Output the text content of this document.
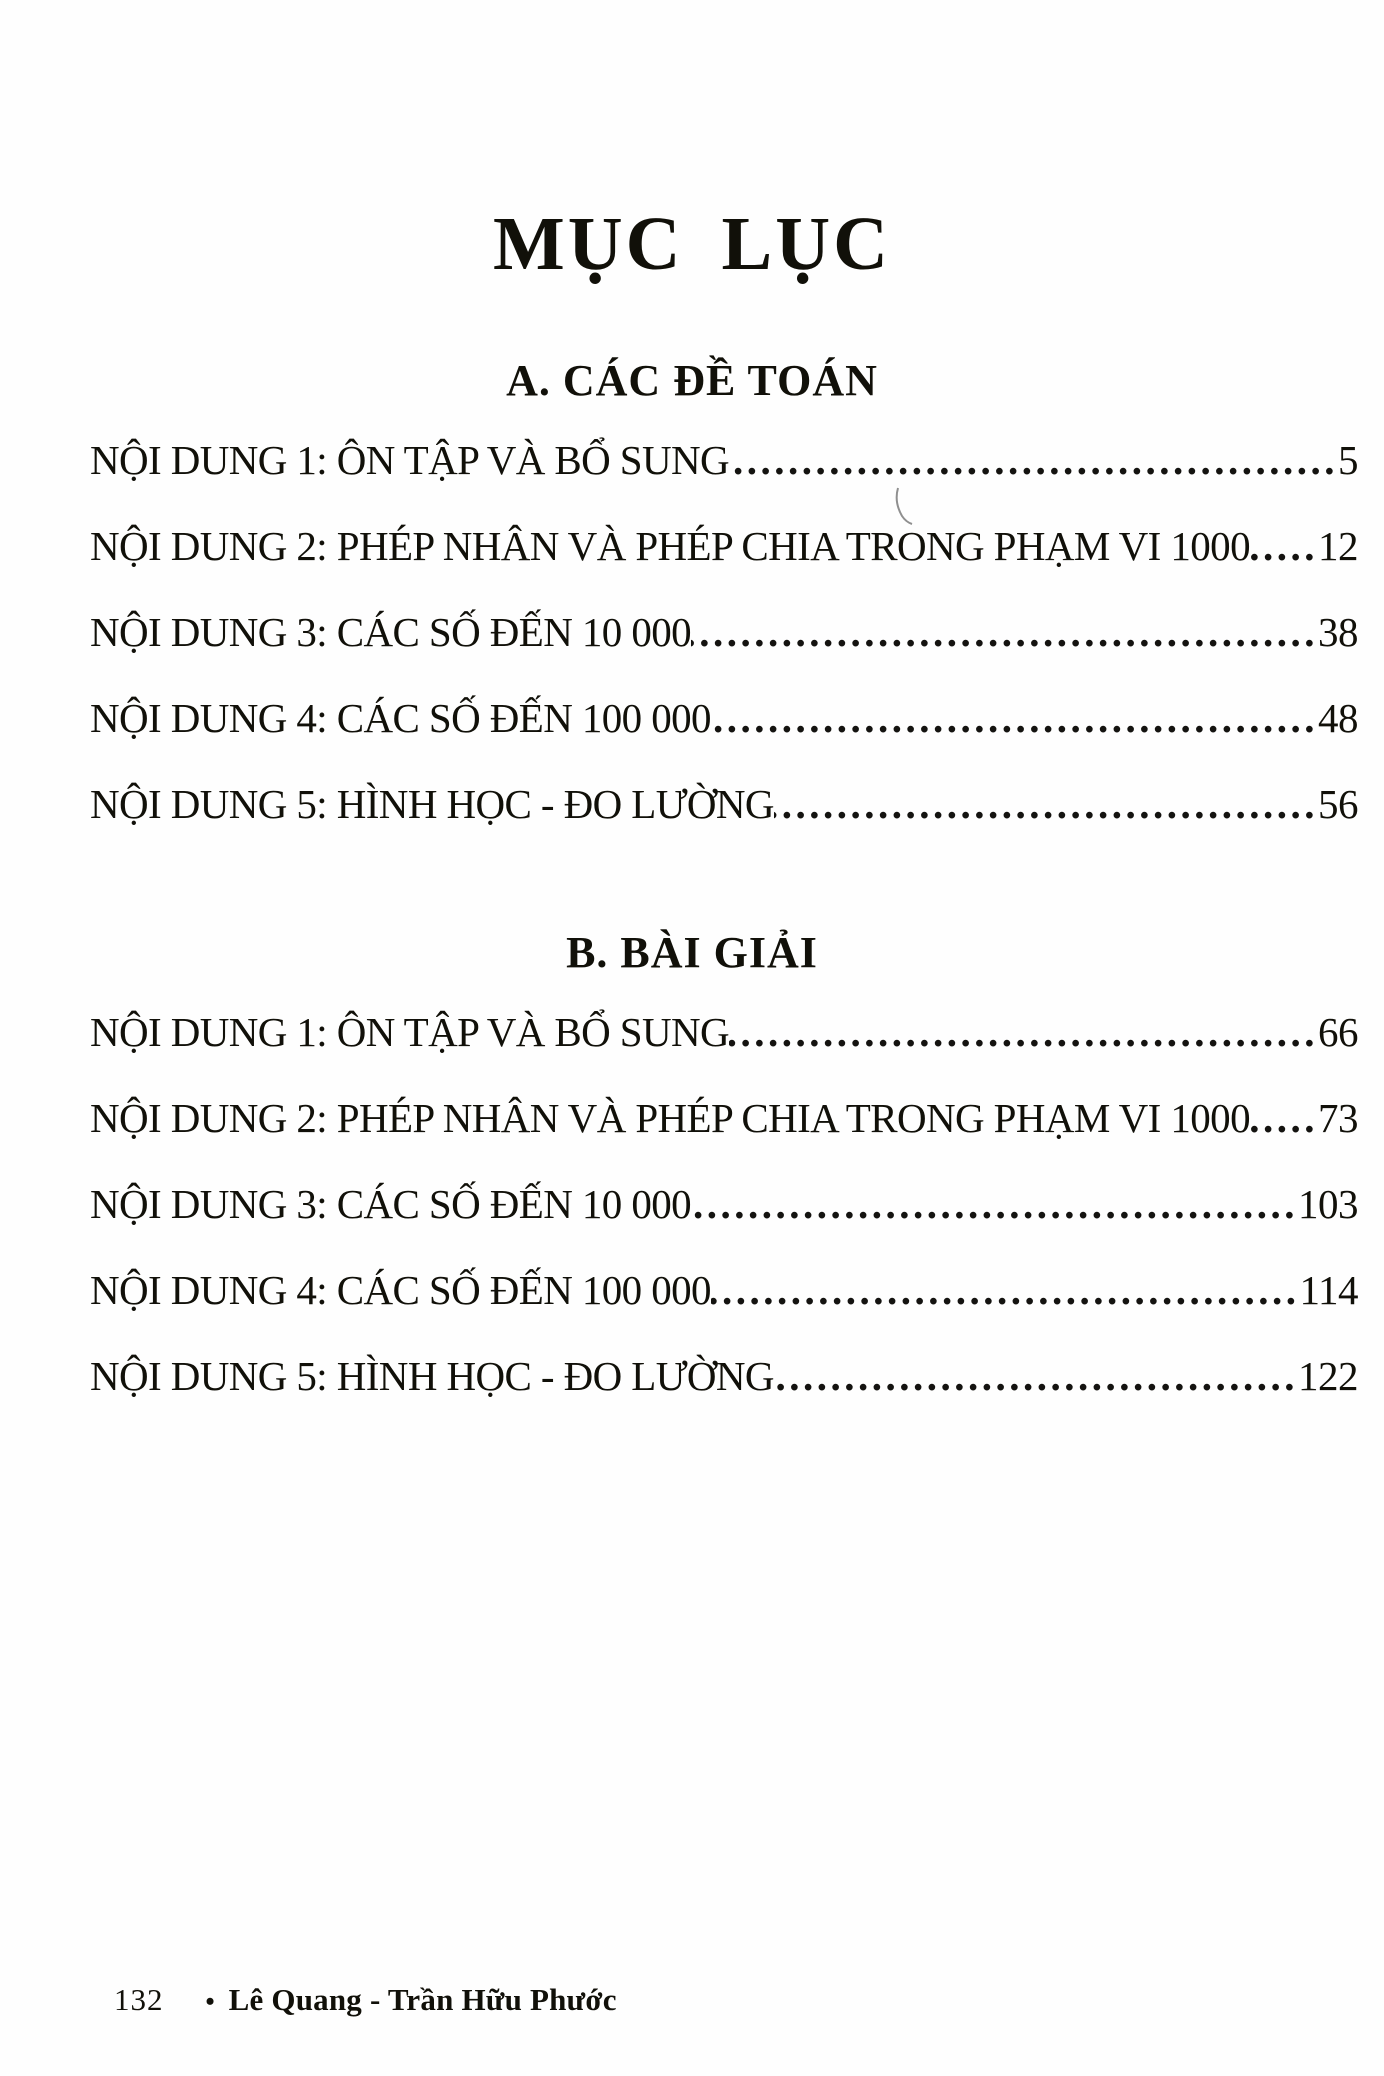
MỤC LỤC
A. CÁC ĐỀ TOÁN
NỘI DUNG 1: ÔN TẬP VÀ BỔ SUNG .....	5
NỘI DUNG 2: PHÉP NHÂN VÀ PHÉP CHIA TRONG PHẠM VI 1000 ..... 12
NỘI DUNG 3: CÁC SỐ ĐẾN 10 000 .....	38
NỘI DUNG 4: CÁC SỐ ĐẾN 100 000 .....	48
NỘI DUNG 5: HÌNH HỌC - ĐO LƯỜNG .....	56
B. BÀI GIẢI
NỘI DUNG 1: ÔN TẬP VÀ BỔ SUNG .....	66
NỘI DUNG 2: PHÉP NHÂN VÀ PHÉP CHIA TRONG PHẠM VI 1000 ..... 73
NỘI DUNG 3: CÁC SỐ ĐẾN 10 000 .....	103
NỘI DUNG 4: CÁC SỐ ĐẾN 100 000 .....	114
NỘI DUNG 5: HÌNH HỌC - ĐO LƯỜNG .....	122
132 • Lê Quang - Trần Hữu Phước
